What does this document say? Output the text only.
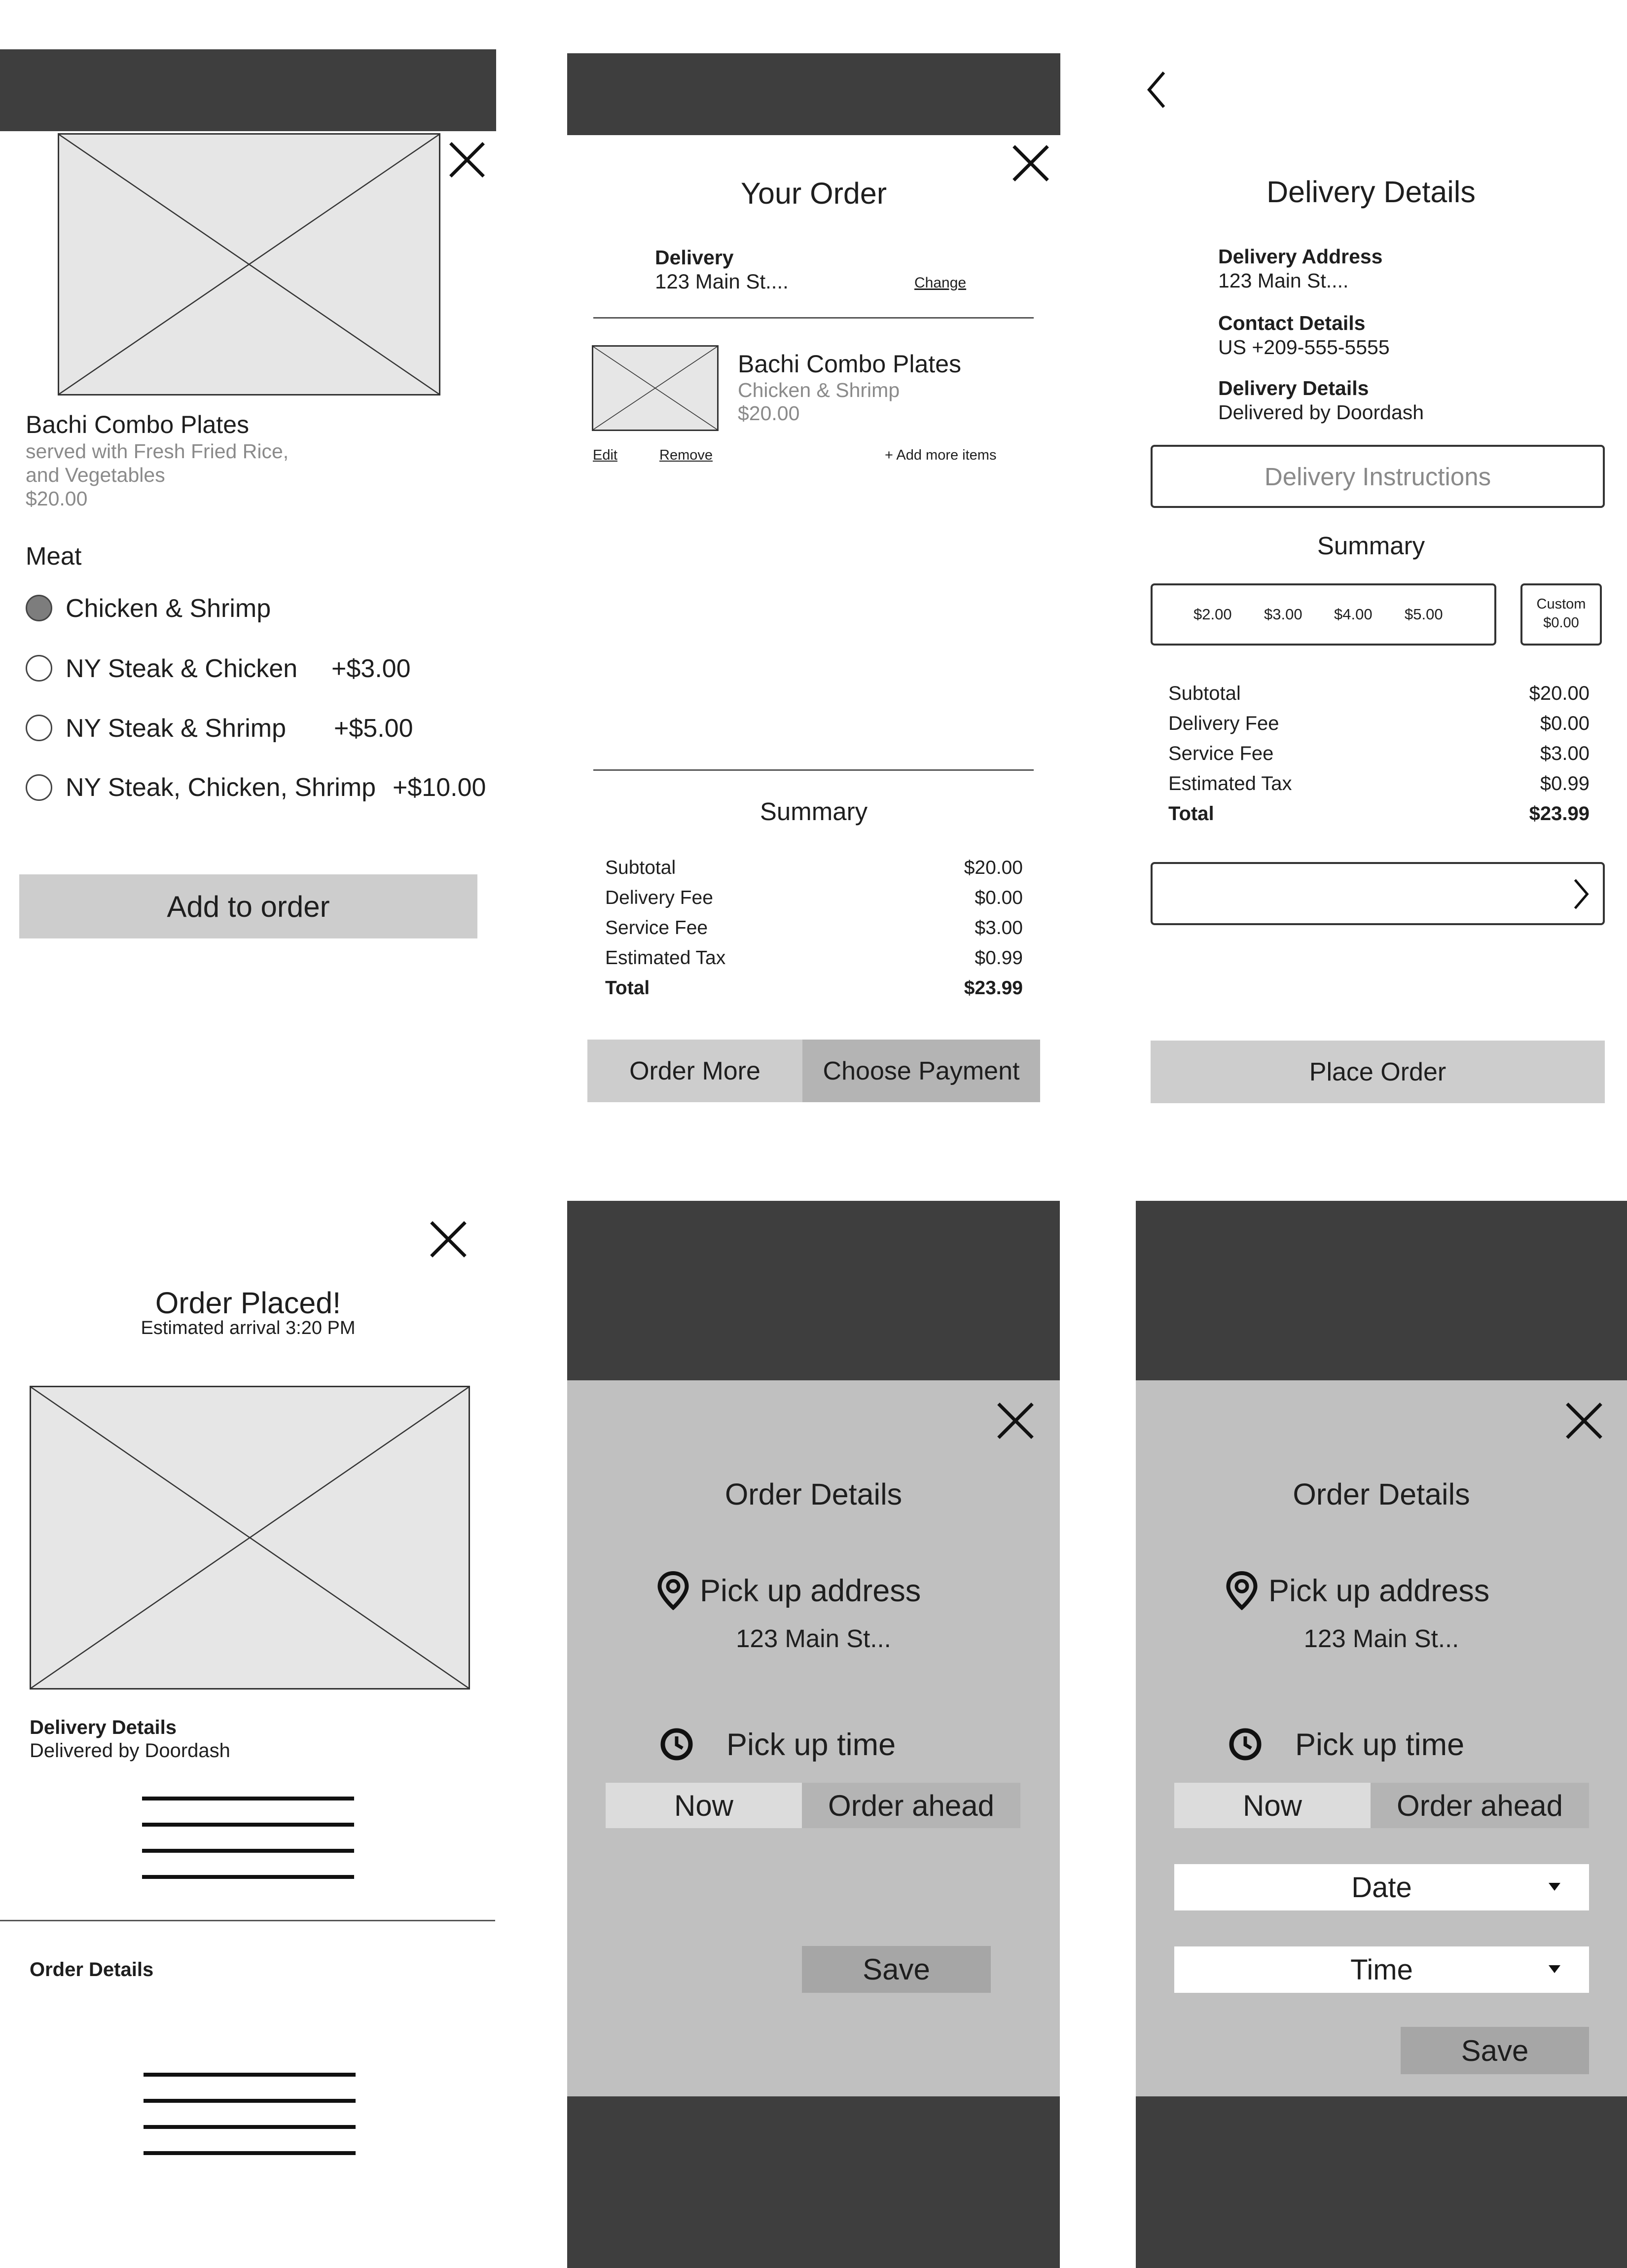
Bachi Combo Plates
served with Fresh Fried Rice,
and Vegetables
$20.00
Meat
Chicken & Shrimp
NY Steak & Chicken +$3.00
NY Steak & Shrimp +$5.00
NY Steak, Chicken, Shrimp +$10.00
Add to order
Your Order
Delivery
123 Main St....	Change
Bachi Combo Plates
Chicken & Shrimp
$20.00
Edit	Remove	+ Add more items
Summary
Subtotal	$20.00
Delivery Fee	$0.00
Service Fee	$3.00
Estimated Tax	$0.99
Total	$23.99
Order More Choose Payment
Delivery Details
Delivery Address
123 Main St....
Contact Details
US +209-555-5555
Delivery Details
Delivered by Doordash
Delivery Instructions
Summary
$2.00 $3.00 $4.00 $5.00
Custom
$0.00
Subtotal	$20.00
Delivery Fee	$0.00
Service Fee	$3.00
Estimated Tax	$0.99
Total	$23.99
Place Order
Order Placed!
Estimated arrival 3:20 PM
Delivery Details
Delivered by Doordash
Order Details
Order Details
Pick up address
123 Main St...
Pick up time
Now	Order ahead
Save
Order Details
Pick up address
123 Main St...
Pick up time
Now	Order ahead
Date
Time
Save
